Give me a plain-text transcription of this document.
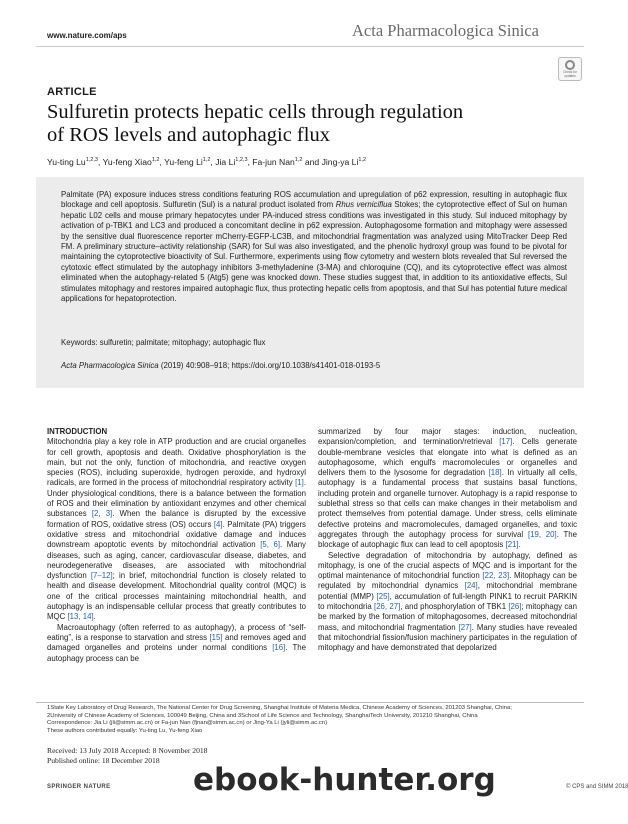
www.nature.com/aps	Acta Pharmacologica Sinica
Check for updates
ARTICLE
Sulfuretin protects hepatic cells through regulation
of ROS levels and autophagic flux
Yu-ting Lu$^{1,2,3}$, Yu-feng Xiao$^{1,2}$, Yu-feng Li$^{1,2}$, Jia Li$^{1,2,3}$, Fa-jun Nan$^{1,2}$ and Jing-ya Li$^{1,2}$
Palmitate (PA) exposure induces stress conditions featuring ROS accumulation and upregulation of p62 expression, resulting in autophagic flux blockage and cell apoptosis. Sulfuretin (Sul) is a natural product isolated from Rhus verniciflua Stokes; the cytoprotective effect of Sul on human hepatic L02 cells and mouse primary hepatocytes under PA-induced stress conditions was investigated in this study. Sul induced mitophagy by activation of p-TBK1 and LC3 and produced a concomitant decline in p62 expression. Autophagosome formation and mitophagy were assessed by the sensitive dual fluorescence reporter mCherry-EGFP-LC3B, and mitochondrial fragmentation was analyzed using MitoTracker Deep Red FM. A preliminary structure–activity relationship (SAR) for Sul was also investigated, and the phenolic hydroxyl group was found to be pivotal for maintaining the cytoprotective bioactivity of Sul. Furthermore, experiments using flow cytometry and western blots revealed that Sul reversed the cytotoxic effect stimulated by the autophagy inhibitors 3-methyladenine (3-MA) and chloroquine (CQ), and its cytoprotective effect was almost eliminated when the autophagy-related 5 (Atg5) gene was knocked down. These studies suggest that, in addition to its antioxidative effects, Sul stimulates mitophagy and restores impaired autophagic flux, thus protecting hepatic cells from apoptosis, and that Sul has potential future medical applications for hepatoprotection.
Keywords: sulfuretin; palmitate; mitophagy; autophagic flux
Acta Pharmacologica Sinica (2019) 40:908–918; https://doi.org/10.1038/s41401-018-0193-5
INTRODUCTION

Mitochondria play a key role in ATP production and are crucial organelles for cell growth, apoptosis and death. Oxidative phosphorylation is the main, but not the only, function of mitochondria, and reactive oxygen species (ROS), including superoxide, hydrogen peroxide, and hydroxyl radicals, are formed in the process of mitochondrial respiratory activity [1]. Under physiological conditions, there is a balance between the formation of ROS and their elimination by antioxidant enzymes and other chemical substances [2, 3]. When the balance is disrupted by the excessive formation of ROS, oxidative stress (OS) occurs [4]. Palmitate (PA) triggers oxidative stress and mitochondrial oxidative damage and induces downstream apoptotic events by mitochondrial activation [5, 6]. Many diseases, such as aging, cancer, cardiovascular disease, diabetes, and neurodegenerative diseases, are associated with mitochondrial dysfunction [7–12]; in brief, mitochondrial function is closely related to health and disease development. Mitochondrial quality control (MQC) is one of the critical processes maintaining mitochondrial health, and autophagy is an indispensable cellular process that greatly contributes to MQC [13, 14].

Macroautophagy (often referred to as autophagy), a process of “self-eating”, is a response to starvation and stress [15] and removes aged and damaged organelles and proteins under normal conditions [16]. The autophagy process can be

summarized by four major stages: induction, nucleation, expansion/completion, and termination/retrieval [17]. Cells generate double-membrane vesicles that elongate into what is defined as an autophagosome, which engulfs macromolecules or organelles and delivers them to the lysosome for degradation [18]. In virtually all cells, autophagy is a fundamental process that sustains basal functions, including protein and organelle turnover. Autophagy is a rapid response to sublethal stress so that cells can make changes in their metabolism and protect themselves from potential damage. Under stress, cells eliminate defective proteins and macromolecules, damaged organelles, and toxic aggregates through the autophagy process for survival [19, 20]. The blockage of autophagic flux can lead to cell apoptosis [21].

Selective degradation of mitochondria by autophagy, defined as mitophagy, is one of the crucial aspects of MQC and is important for the optimal maintenance of mitochondrial function [22, 23]. Mitophagy can be regulated by mitochondrial dynamics [24], mitochondrial membrane potential (MMP) [25], accumulation of full-length PINK1 to recruit PARKIN to mitochondria [26, 27], and phosphorylation of TBK1 [26]; mitophagy can be marked by the formation of mitophagosomes, decreased mitochondrial mass, and mitochondrial fragmentation [27]. Many studies have revealed that mitochondrial fission/fusion machinery participates in the regulation of mitophagy and have demonstrated that depolarized

1State Key Laboratory of Drug Research, The National Center for Drug Screening, Shanghai Institute of Materia Medica, Chinese Academy of Sciences, 201203 Shanghai, China;
2University of Chinese Academy of Sciences, 100049 Beijing, China and 3School of Life Science and Technology, ShanghaiTech University, 201210 Shanghai, China
Correspondence: Jia Li (jli@simm.ac.cn) or Fa-jun Nan (fjnan@simm.ac.cn) or Jing-Ya Li (jyli@simm.ac.cn)
These authors contributed equally: Yu-ting Lu, Yu-feng Xiao
Received: 13 July 2018 Accepted: 8 November 2018
Published online: 18 December 2018
SPRINGER NATURE	© CPS and SIMM 2018
ebook-hunter.org
